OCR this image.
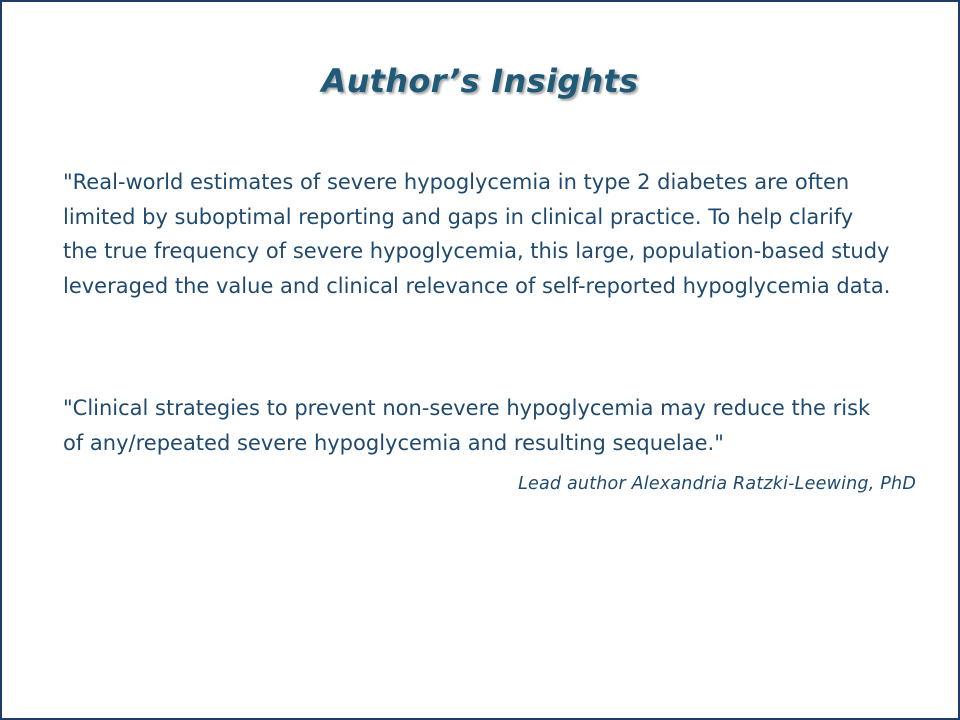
Author’s Insights

"Real-world estimates of severe hypoglycemia in type 2 diabetes are often limited by suboptimal reporting and gaps in clinical practice. To help clarify the true frequency of severe hypoglycemia, this large, population-based study leveraged the value and clinical relevance of self-reported hypoglycemia data.

"Clinical strategies to prevent non-severe hypoglycemia may reduce the risk of any/repeated severe hypoglycemia and resulting sequelae."

Lead author Alexandria Ratzki-Leewing, PhD
